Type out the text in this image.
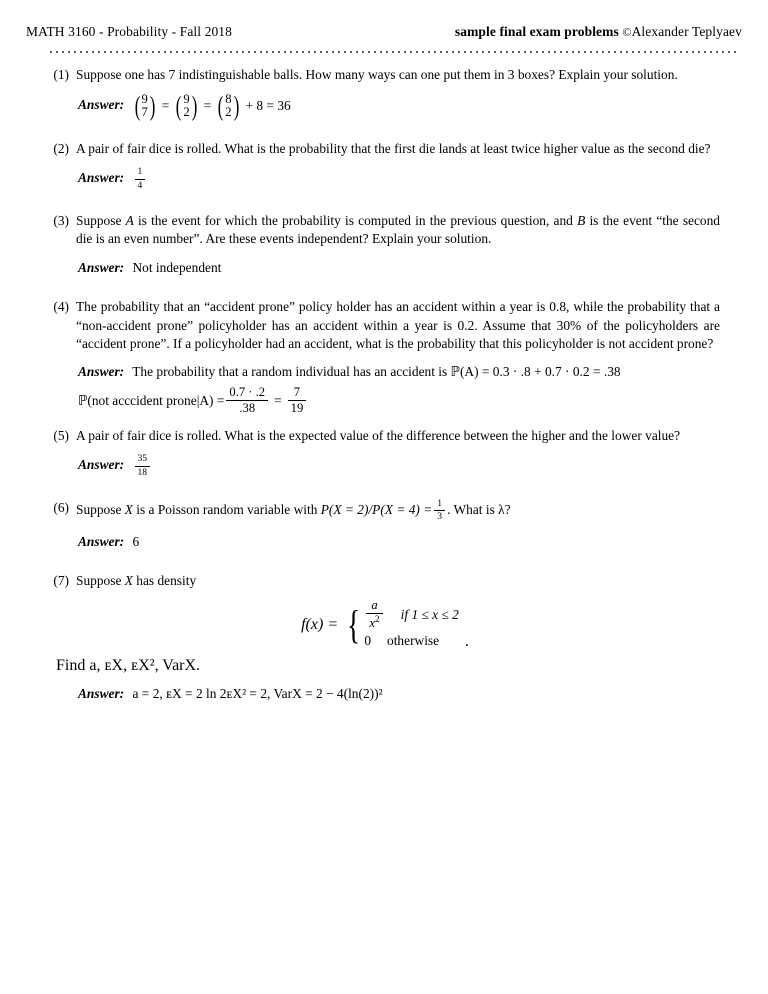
MATH 3160 - Probability - Fall 2018	sample final exam problems ©Alexander Teplyaev
(1) Suppose one has 7 indistinguishable balls. How many ways can one put them in 3 boxes? Explain your solution.
Answer: ( 9
7 ) = ( 9
2 ) = ( 8
2 ) + 8 = 36
(2) A pair of fair dice is rolled. What is the probability that the first die lands at least twice higher value as the second die?
Answer: $\frac{1}{4}$
(3) Suppose A is the event for which the probability is computed in the previous question, and B is the event “the second die is an even number”. Are these events independent? Explain your solution.
Answer: Not independent
(4) The probability that an “accident prone” policy holder has an accident within a year is 0.8, while the probability that a “non-accident prone” policyholder has an accident within a year is 0.2. Assume that 30% of the policyholders are “accident prone”. If a policyholder had an accident, what is the probability that this policyholder is not accident prone?
Answer: The probability that a random individual has an accident is ℙ(A) = 0.3 · .8 + 0.7 · 0.2 = .38
ℙ(not acccident prone|A) = $\frac{0.7 \cdot .2}{.38} = \frac{7}{19}$
(5) A pair of fair dice is rolled. What is the expected value of the difference between the higher and the lower value?
Answer: $\frac{35}{18}$
(6) Suppose X is a Poisson random variable with $P(X = 2)/P(X = 4) = \frac{1}{3}$ . What is λ?
Answer: 6
(7) Suppose X has density
f(x) = { $\frac{a}{x^2}$ if 1 ≤ x ≤ 2
0 otherwise .
Find a, ᴇX, ᴇX², VarX.
Answer: a = 2, ᴇX = 2 ln 2ᴇX² = 2, VarX = 2 − 4(ln(2))²
